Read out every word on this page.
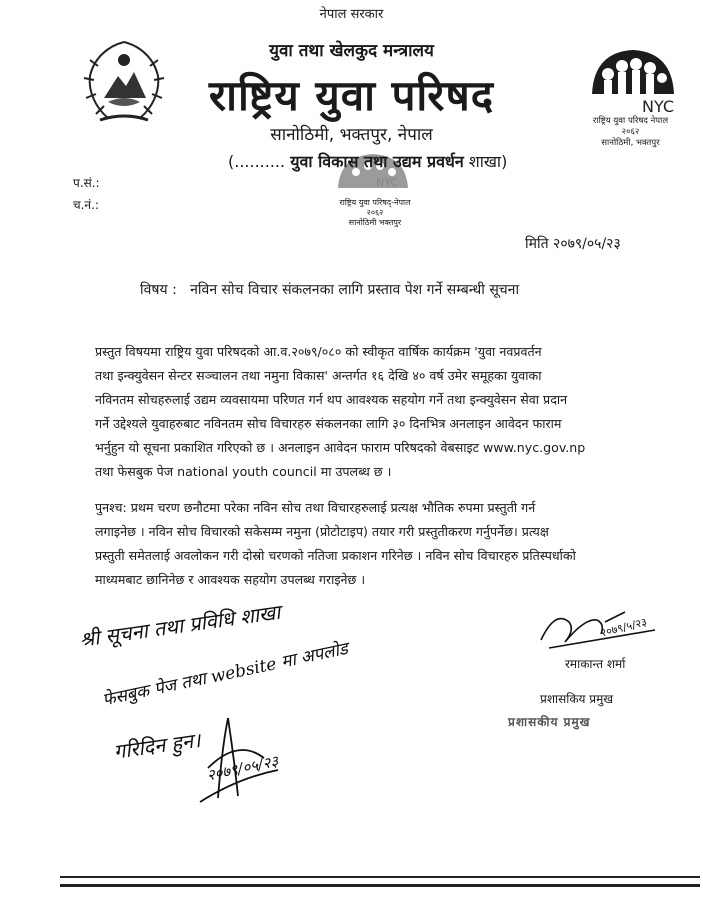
NYC
राष्ट्रिय युवा परिषद नेपाल
२०६२
सानोठिमी, भक्तपुर
नेपाल सरकार
युवा तथा खेलकुद मन्त्रालय
राष्ट्रिय युवा परिषद
सानोठिमी, भक्तपुर, नेपाल
NYC
राष्ट्रिय युवा परिषद्-नेपाल
२०६२
सानोठिमी भक्तपुर
(.......... युवा विकास तथा उद्यम प्रवर्धन शाखा)
प.सं.:
च.नं.:
मिति २०७९/०५/२३
विषय : नविन सोच विचार संकलनका लागि प्रस्ताव पेश गर्ने सम्बन्धी सूचना
प्रस्तुत विषयमा राष्ट्रिय युवा परिषदको आ.व.२०७९/०८० को स्वीकृत वार्षिक कार्यक्रम 'युवा नवप्रवर्तन
तथा इन्क्युवेसन सेन्टर सञ्चालन तथा नमुना विकास' अन्तर्गत १६ देखि ४० वर्ष उमेर समूहका युवाका
नविनतम सोचहरुलाई उद्यम व्यवसायमा परिणत गर्न थप आवश्यक सहयोग गर्ने तथा इन्क्युवेसन सेवा प्रदान
गर्ने उद्देश्यले युवाहरुबाट नविनतम सोच विचारहरु संकलनका लागि ३० दिनभित्र अनलाइन आवेदन फाराम
भर्नुहुन यो सूचना प्रकाशित गरिएको छ । अनलाइन आवेदन फाराम परिषदको वेबसाइट www.nyc.gov.np
तथा फेसबुक पेज national youth council मा उपलब्ध छ ।
पुनश्च: प्रथम चरण छनौटमा परेका नविन सोच तथा विचारहरुलाई प्रत्यक्ष भौतिक रुपमा प्रस्तुती गर्न
लगाइनेछ । नविन सोच विचारको सकेसम्म नमुना (प्रोटोटाइप) तयार गरी प्रस्तुतीकरण गर्नुपर्नेछ। प्रत्यक्ष
प्रस्तुती समेतलाई अवलोकन गरी दोस्रो चरणको नतिजा प्रकाशन गरिनेछ । नविन सोच विचारहरु प्रतिस्पर्धाको
माध्यमबाट छानिनेछ र आवश्यक सहयोग उपलब्ध गराइनेछ ।
२०७९/५/२३
रमाकान्त शर्मा
प्रशासकिय प्रमुख
प्रशासकीय प्रमुख
श्री सूचना तथा प्रविधि शाखा
फेसबुक पेज तथा website मा अपलोड
गरिदिन हुन।
२०७९/०५/२३
